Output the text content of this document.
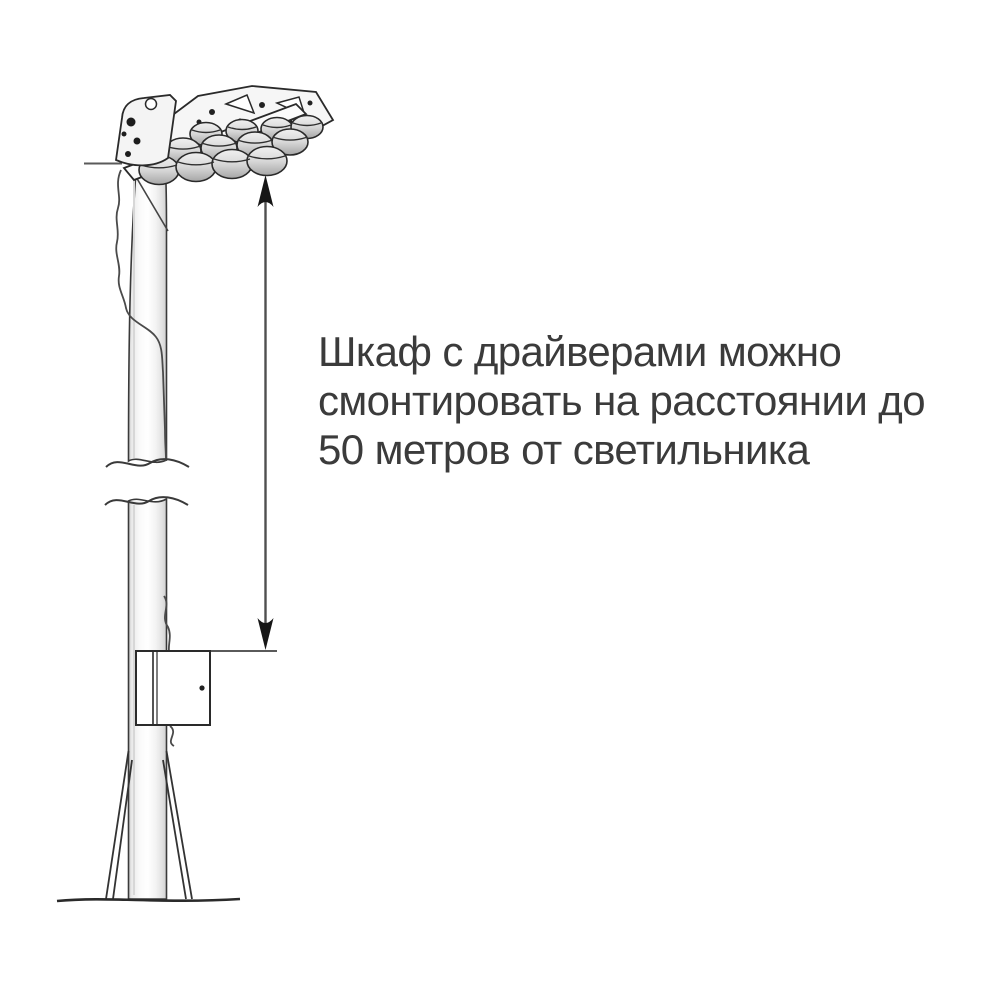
Шкаф с драйверами можно
смонтировать на расстоянии до
50 метров от светильника
